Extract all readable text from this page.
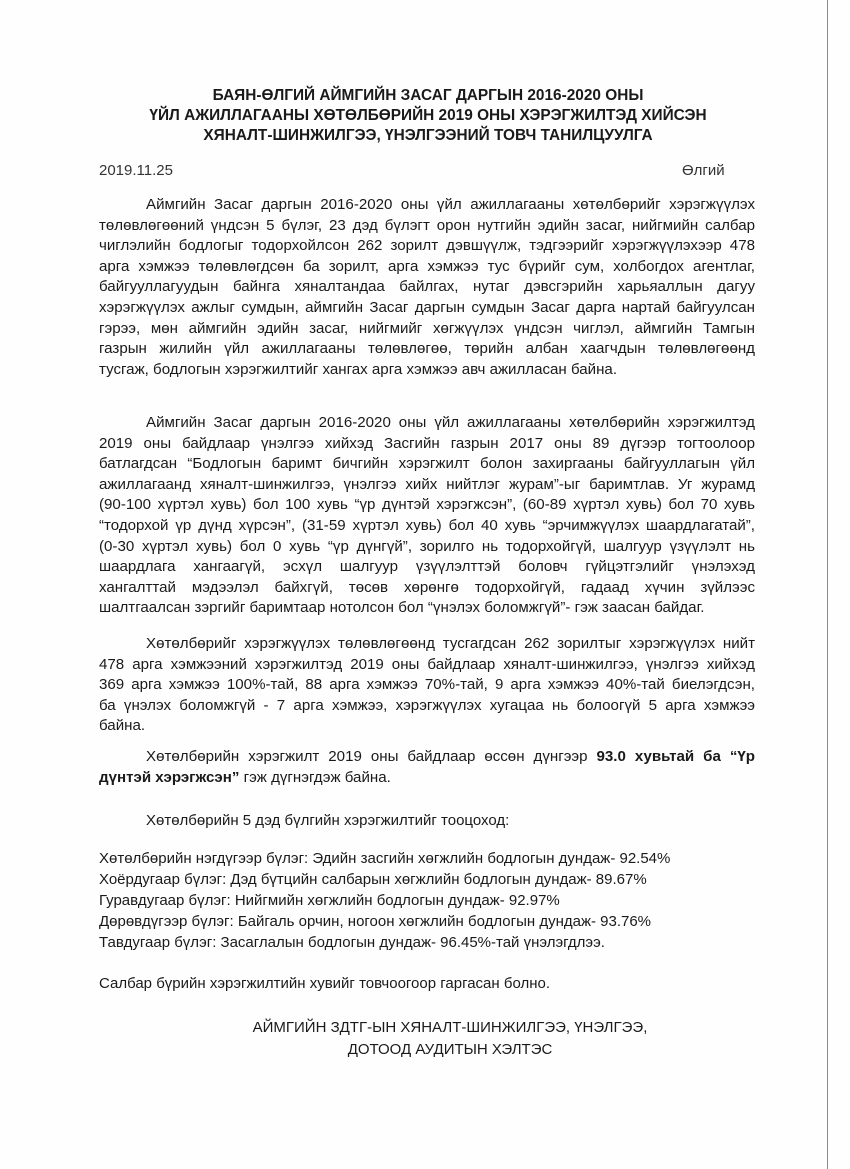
БАЯН-ӨЛГИЙ АЙМГИЙН ЗАСАГ ДАРГЫН 2016-2020 ОНЫ
ҮЙЛ АЖИЛЛАГААНЫ ХӨТӨЛБӨРИЙН 2019 ОНЫ ХЭРЭГЖИЛТЭД ХИЙСЭН
ХЯНАЛТ-ШИНЖИЛГЭЭ, ҮНЭЛГЭЭНИЙ ТОВЧ ТАНИЛЦУУЛГА
2019.11.25	Өлгий
Аймгийн Засаг даргын 2016-2020 оны үйл ажиллагааны хөтөлбөрийг хэрэгжүүлэх
төлөвлөгөөний үндсэн 5 бүлэг, 23 дэд бүлэгт орон нутгийн эдийн засаг, нийгмийн салбар
чиглэлийн бодлогыг тодорхойлсон 262 зорилт дэвшүүлж, тэдгээрийг хэрэгжүүлэхээр 478
арга хэмжээ төлөвлөгдсөн ба зорилт, арга хэмжээ тус бүрийг сум, холбогдох агентлаг,
байгууллагуудын байнга хяналтандаа байлгах, нутаг дэвсгэрийн харьяаллын дагуу
хэрэгжүүлэх ажлыг сумдын, аймгийн Засаг даргын сумдын Засаг дарга нартай байгуулсан
гэрээ, мөн аймгийн эдийн засаг, нийгмийг хөгжүүлэх үндсэн чиглэл, аймгийн Тамгын
газрын жилийн үйл ажиллагааны төлөвлөгөө, төрийн албан хаагчдын төлөвлөгөөнд
тусгаж, бодлогын хэрэгжилтийг хангах арга хэмжээ авч ажилласан байна.
Аймгийн Засаг даргын 2016-2020 оны үйл ажиллагааны хөтөлбөрийн хэрэгжилтэд
2019 оны байдлаар үнэлгээ хийхэд Засгийн газрын 2017 оны 89 дүгээр тогтоолоор
батлагдсан “Бодлогын баримт бичгийн хэрэгжилт болон захиргааны байгууллагын үйл
ажиллагаанд хяналт-шинжилгээ, үнэлгээ хийх нийтлэг журам”-ыг баримтлав. Уг журамд
(90-100 хүртэл хувь) бол 100 хувь “үр дүнтэй хэрэгжсэн”, (60-89 хүртэл хувь) бол 70 хувь
“тодорхой үр дүнд хүрсэн”, (31-59 хүртэл хувь) бол 40 хувь “эрчимжүүлэх шаардлагатай”,
(0-30 хүртэл хувь) бол 0 хувь “үр дүнгүй”, зорилго нь тодорхойгүй, шалгуур үзүүлэлт нь
шаардлага хангаагүй, эсхүл шалгуур үзүүлэлттэй боловч гүйцэтгэлийг үнэлэхэд
хангалттай мэдээлэл байхгүй, төсөв хөрөнгө тодорхойгүй, гадаад хүчин зүйлээс
шалтгаалсан зэргийг баримтаар нотолсон бол “үнэлэх боломжгүй”- гэж заасан байдаг.
Хөтөлбөрийг хэрэгжүүлэх төлөвлөгөөнд тусгагдсан 262 зорилтыг хэрэгжүүлэх нийт
478 арга хэмжээний хэрэгжилтэд 2019 оны байдлаар хяналт-шинжилгээ, үнэлгээ хийхэд
369 арга хэмжээ 100%-тай, 88 арга хэмжээ 70%-тай, 9 арга хэмжээ 40%-тай биелэгдсэн,
ба үнэлэх боломжгүй - 7 арга хэмжээ, хэрэгжүүлэх хугацаа нь болоогүй 5 арга хэмжээ
байна.
Хөтөлбөрийн хэрэгжилт 2019 оны байдлаар өссөн дүнгээр 93.0 хувьтай ба “Үр
дүнтэй хэрэгжсэн” гэж дүгнэгдэж байна.
Хөтөлбөрийн 5 дэд бүлгийн хэрэгжилтийг тооцоход:
Хөтөлбөрийн нэгдүгээр бүлэг: Эдийн засгийн хөгжлийн бодлогын дундаж- 92.54%
Хоёрдугаар бүлэг: Дэд бүтцийн салбарын хөгжлийн бодлогын дундаж- 89.67%
Гуравдугаар бүлэг: Нийгмийн хөгжлийн бодлогын дундаж- 92.97%
Дөрөвдүгээр бүлэг: Байгаль орчин, ногоон хөгжлийн бодлогын дундаж- 93.76%
Тавдугаар бүлэг: Засаглалын бодлогын дундаж- 96.45%-тай үнэлэгдлээ.
Салбар бүрийн хэрэгжилтийн хувийг товчоогоор гаргасан болно.
АЙМГИЙН ЗДТГ-ЫН ХЯНАЛТ-ШИНЖИЛГЭЭ, ҮНЭЛГЭЭ,
ДОТООД АУДИТЫН ХЭЛТЭС
